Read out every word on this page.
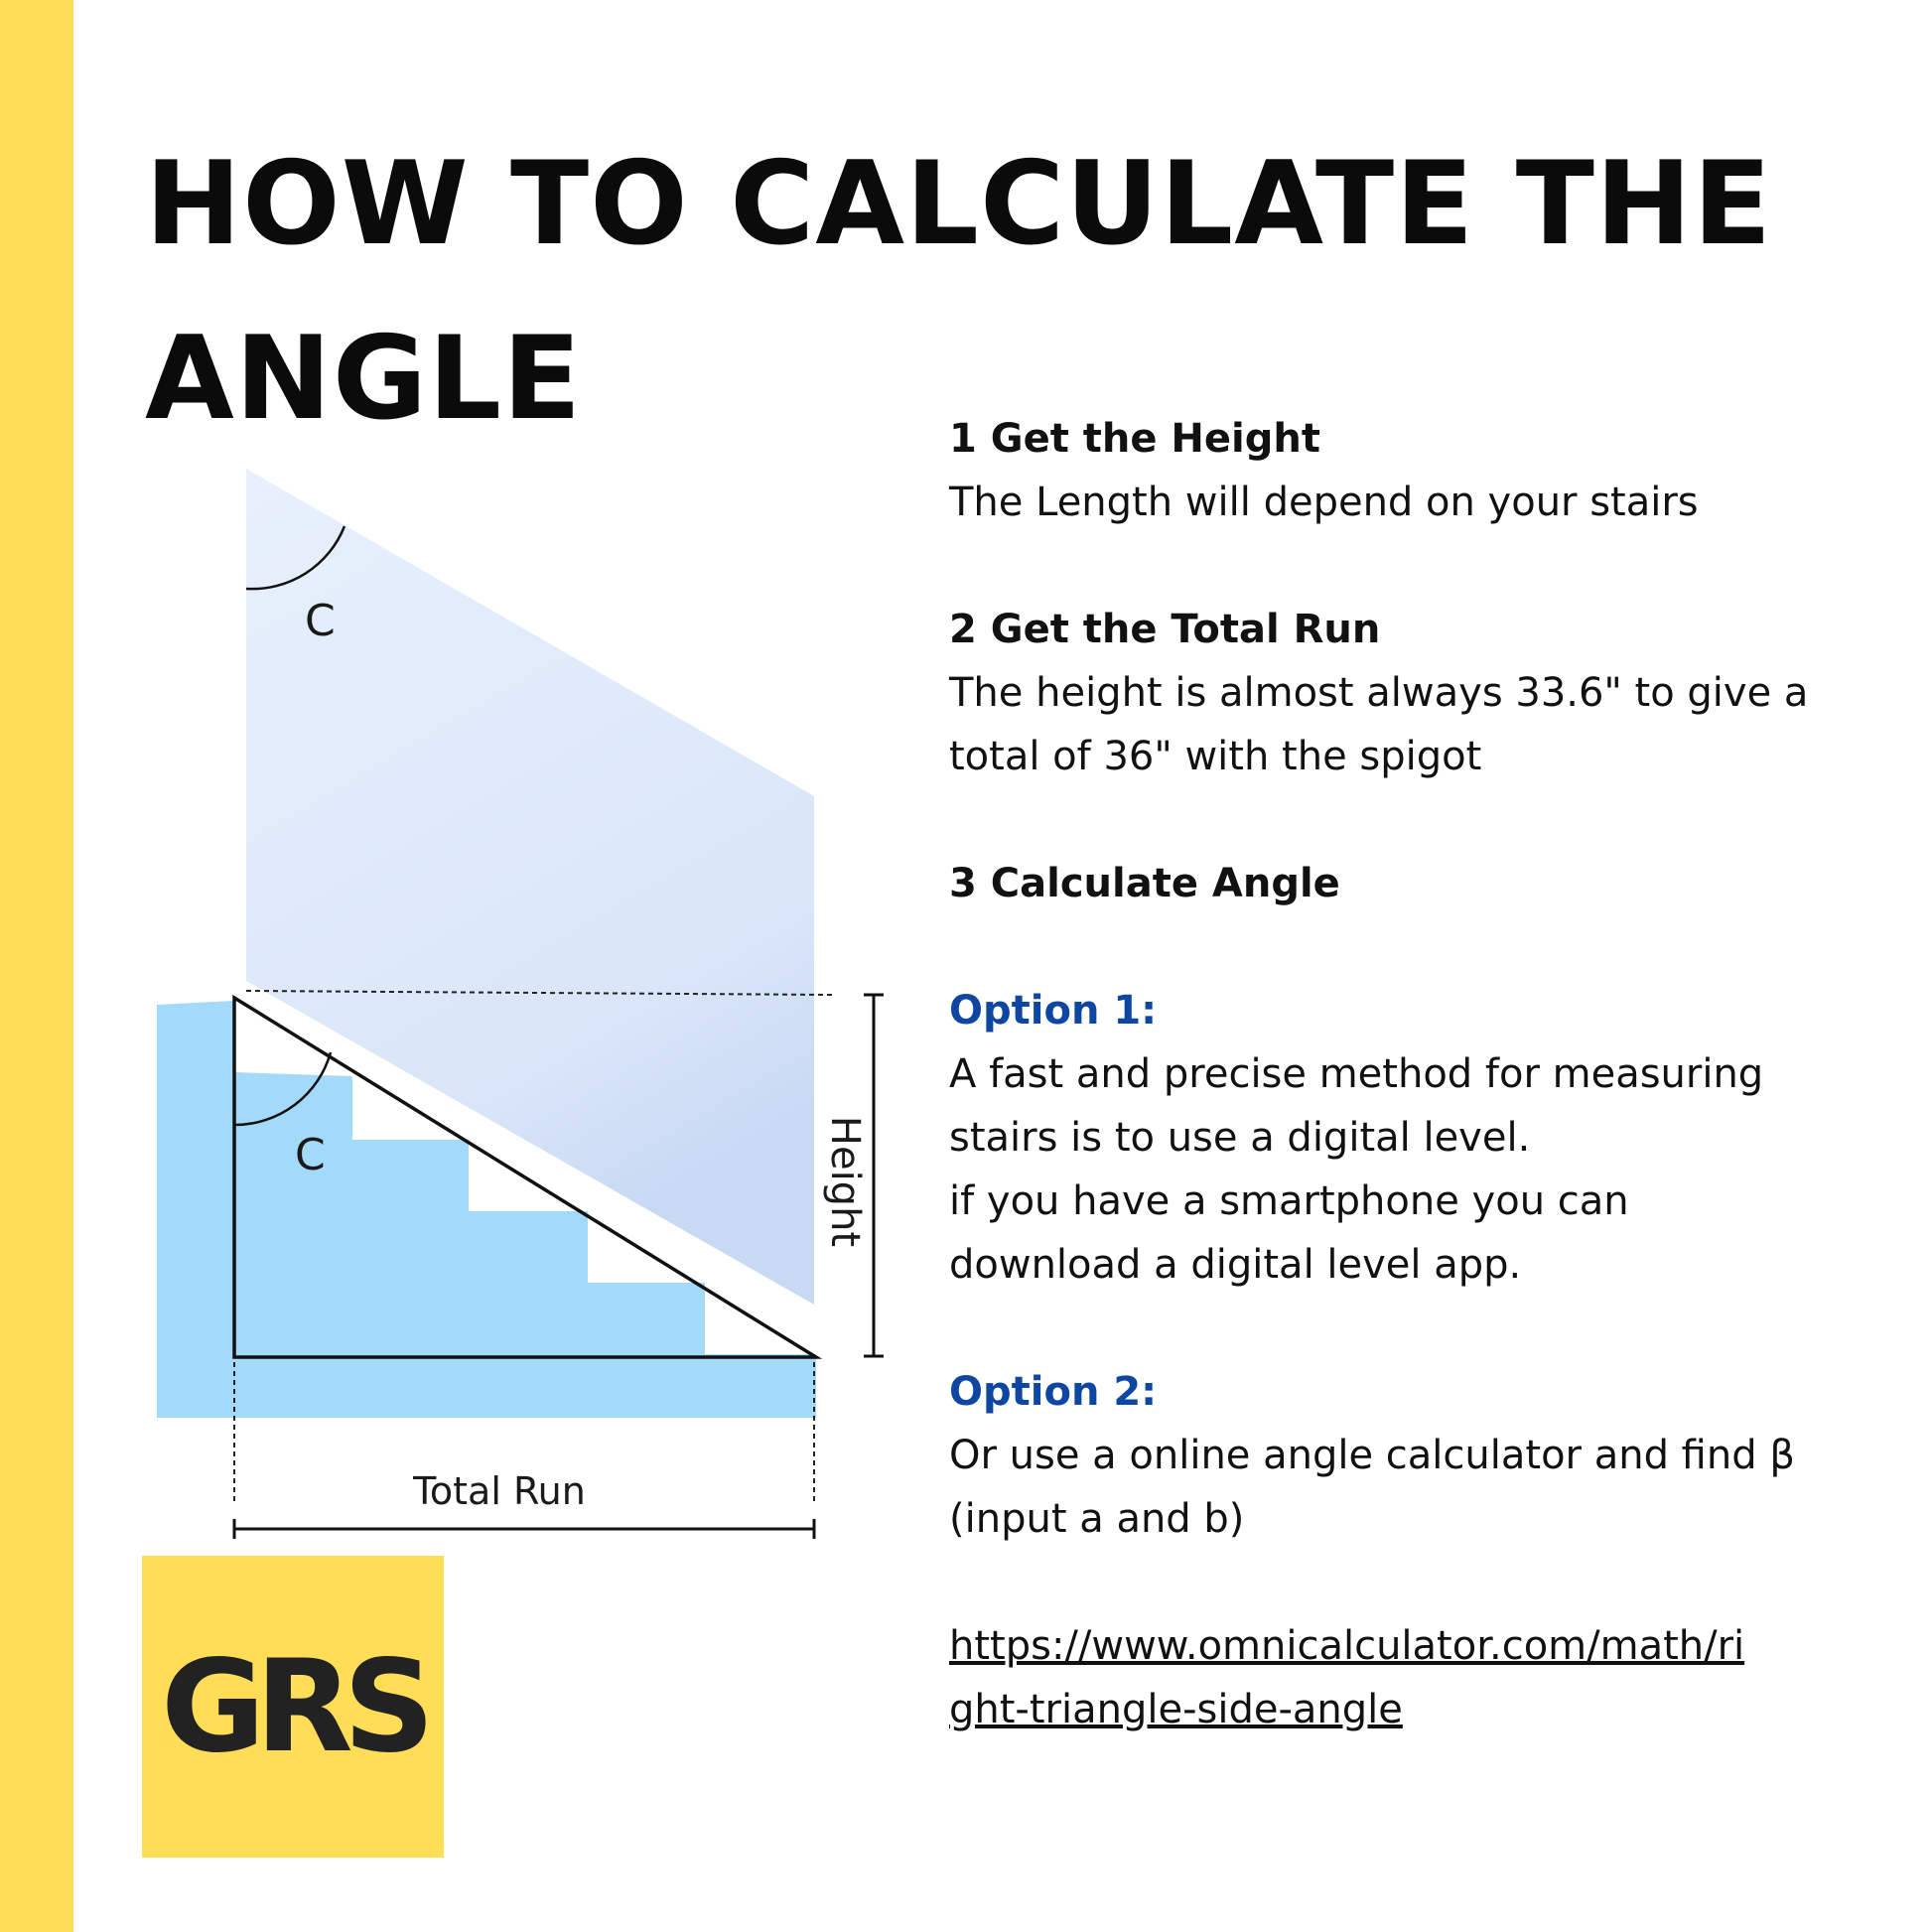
HOW TO CALCULATE THE ANGLE
C
C	Height
Total Run

1 Get the Height

The Length will depend on your stairs

2 Get the Total Run

The height is almost always 33.6" to give a

total of 36" with the spigot

3 Calculate Angle

Option 1:

A fast and precise method for measuring

stairs is to use a digital level.

if you have a smartphone you can

download a digital level app.

Option 2:

Or use a online angle calculator and find β

(input a and b)

https://www.omnicalculator.com/math/ri
ght-triangle-side-angle

GRS
